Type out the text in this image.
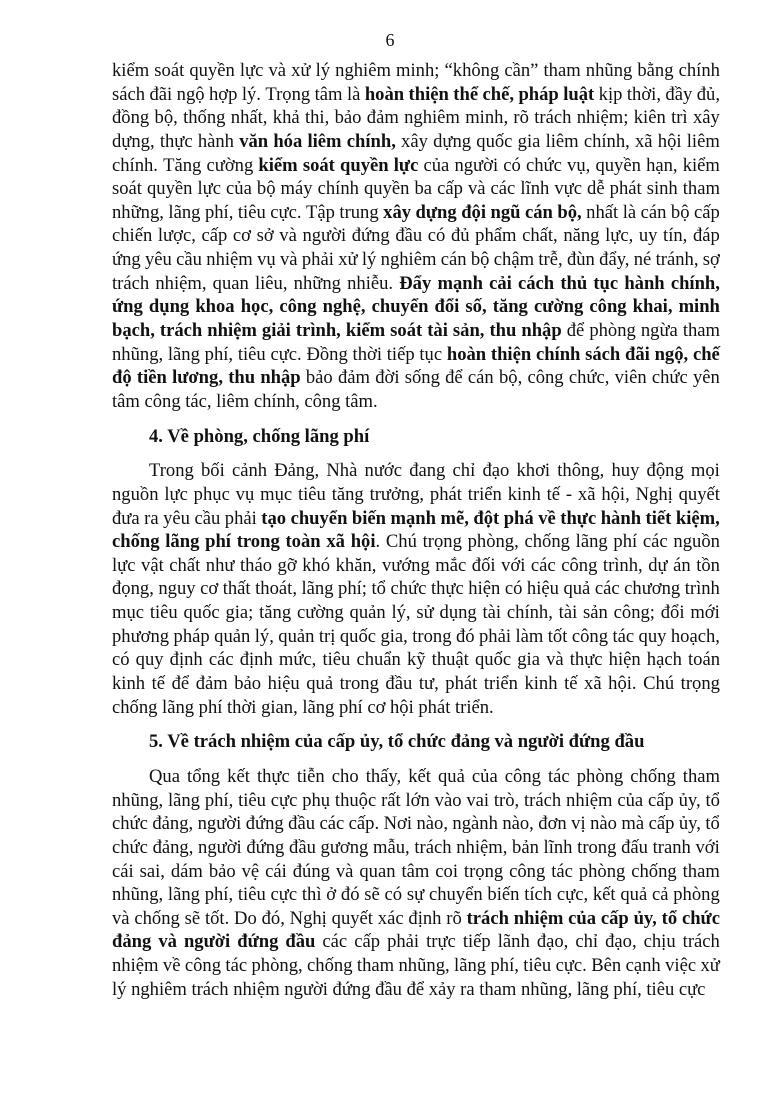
6
kiểm soát quyền lực và xử lý nghiêm minh; “không cần” tham nhũng bằng chính
sách đãi ngộ hợp lý. Trọng tâm là hoàn thiện thể chế, pháp luật kịp thời, đầy đủ,
đồng bộ, thống nhất, khả thi, bảo đảm nghiêm minh, rõ trách nhiệm; kiên trì xây
dựng, thực hành văn hóa liêm chính, xây dựng quốc gia liêm chính, xã hội liêm
chính. Tăng cường kiểm soát quyền lực của người có chức vụ, quyền hạn, kiểm
soát quyền lực của bộ máy chính quyền ba cấp và các lĩnh vực dễ phát sinh tham
những, lãng phí, tiêu cực. Tập trung xây dựng đội ngũ cán bộ, nhất là cán bộ cấp
chiến lược, cấp cơ sở và người đứng đầu có đủ phẩm chất, năng lực, uy tín, đáp
ứng yêu cầu nhiệm vụ và phải xử lý nghiêm cán bộ chậm trễ, đùn đẩy, né tránh, sợ
trách nhiệm, quan liêu, những nhiễu. Đẩy mạnh cải cách thủ tục hành chính,
ứng dụng khoa học, công nghệ, chuyển đổi số, tăng cường công khai, minh
bạch, trách nhiệm giải trình, kiểm soát tài sản, thu nhập để phòng ngừa tham
nhũng, lãng phí, tiêu cực. Đồng thời tiếp tục hoàn thiện chính sách đãi ngộ, chế
độ tiền lương, thu nhập bảo đảm đời sống để cán bộ, công chức, viên chức yên
tâm công tác, liêm chính, công tâm.
4. Về phòng, chống lãng phí
Trong bối cảnh Đảng, Nhà nước đang chỉ đạo khơi thông, huy động mọi
nguồn lực phục vụ mục tiêu tăng trưởng, phát triển kinh tế - xã hội, Nghị quyết
đưa ra yêu cầu phải tạo chuyển biến mạnh mẽ, đột phá về thực hành tiết kiệm,
chống lãng phí trong toàn xã hội. Chú trọng phòng, chống lãng phí các nguồn
lực vật chất như tháo gỡ khó khăn, vướng mắc đối với các công trình, dự án tồn
đọng, nguy cơ thất thoát, lãng phí; tổ chức thực hiện có hiệu quả các chương trình
mục tiêu quốc gia; tăng cường quản lý, sử dụng tài chính, tài sản công; đổi mới
phương pháp quản lý, quản trị quốc gia, trong đó phải làm tốt công tác quy hoạch,
có quy định các định mức, tiêu chuẩn kỹ thuật quốc gia và thực hiện hạch toán
kinh tế để đảm bảo hiệu quả trong đầu tư, phát triển kinh tế xã hội. Chú trọng
chống lãng phí thời gian, lãng phí cơ hội phát triển.
5. Về trách nhiệm của cấp ủy, tổ chức đảng và người đứng đầu
Qua tổng kết thực tiễn cho thấy, kết quả của công tác phòng chống tham
nhũng, lãng phí, tiêu cực phụ thuộc rất lớn vào vai trò, trách nhiệm của cấp ủy, tổ
chức đảng, người đứng đầu các cấp. Nơi nào, ngành nào, đơn vị nào mà cấp ủy, tổ
chức đảng, người đứng đầu gương mẫu, trách nhiệm, bản lĩnh trong đấu tranh với
cái sai, dám bảo vệ cái đúng và quan tâm coi trọng công tác phòng chống tham
nhũng, lãng phí, tiêu cực thì ở đó sẽ có sự chuyển biến tích cực, kết quả cả phòng
và chống sẽ tốt. Do đó, Nghị quyết xác định rõ trách nhiệm của cấp ủy, tổ chức
đảng và người đứng đầu các cấp phải trực tiếp lãnh đạo, chỉ đạo, chịu trách
nhiệm về công tác phòng, chống tham nhũng, lãng phí, tiêu cực. Bên cạnh việc xử
lý nghiêm trách nhiệm người đứng đầu để xảy ra tham nhũng, lãng phí, tiêu cực
